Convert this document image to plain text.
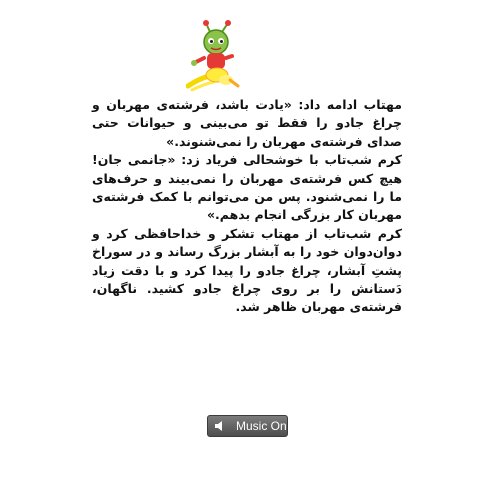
مهتاب ادامه داد: «یادت باشد، فرشته‌ی مهربان و چراغ جادو را فقط تو می‌بینی و حیوانات حتی صدای فرشته‌ی مهربان را نمی‌شنوند.»

کرم شب‌تاب با خوشحالی فریاد زد: «جانمی جان! هیچ کس فرشته‌ی مهربان را نمی‌بیند و حرف‌های ما را نمی‌شنود. پس من می‌توانم با کمک فرشته‌ی مهربان کار بزرگی انجام بدهم.»

کرم شب‌تاب از مهتاب تشکر و خداحافظی کرد و دوان‌دوان خود را به آبشار بزرگ رساند و در سوراخ پشتِ آبشار، چراغ جادو را پیدا کرد و با دقت زیاد دَستانش را بر روی چراغ جادو کشید. ناگهان، فرشته‌ی مهربان ظاهر شد.

Music On
